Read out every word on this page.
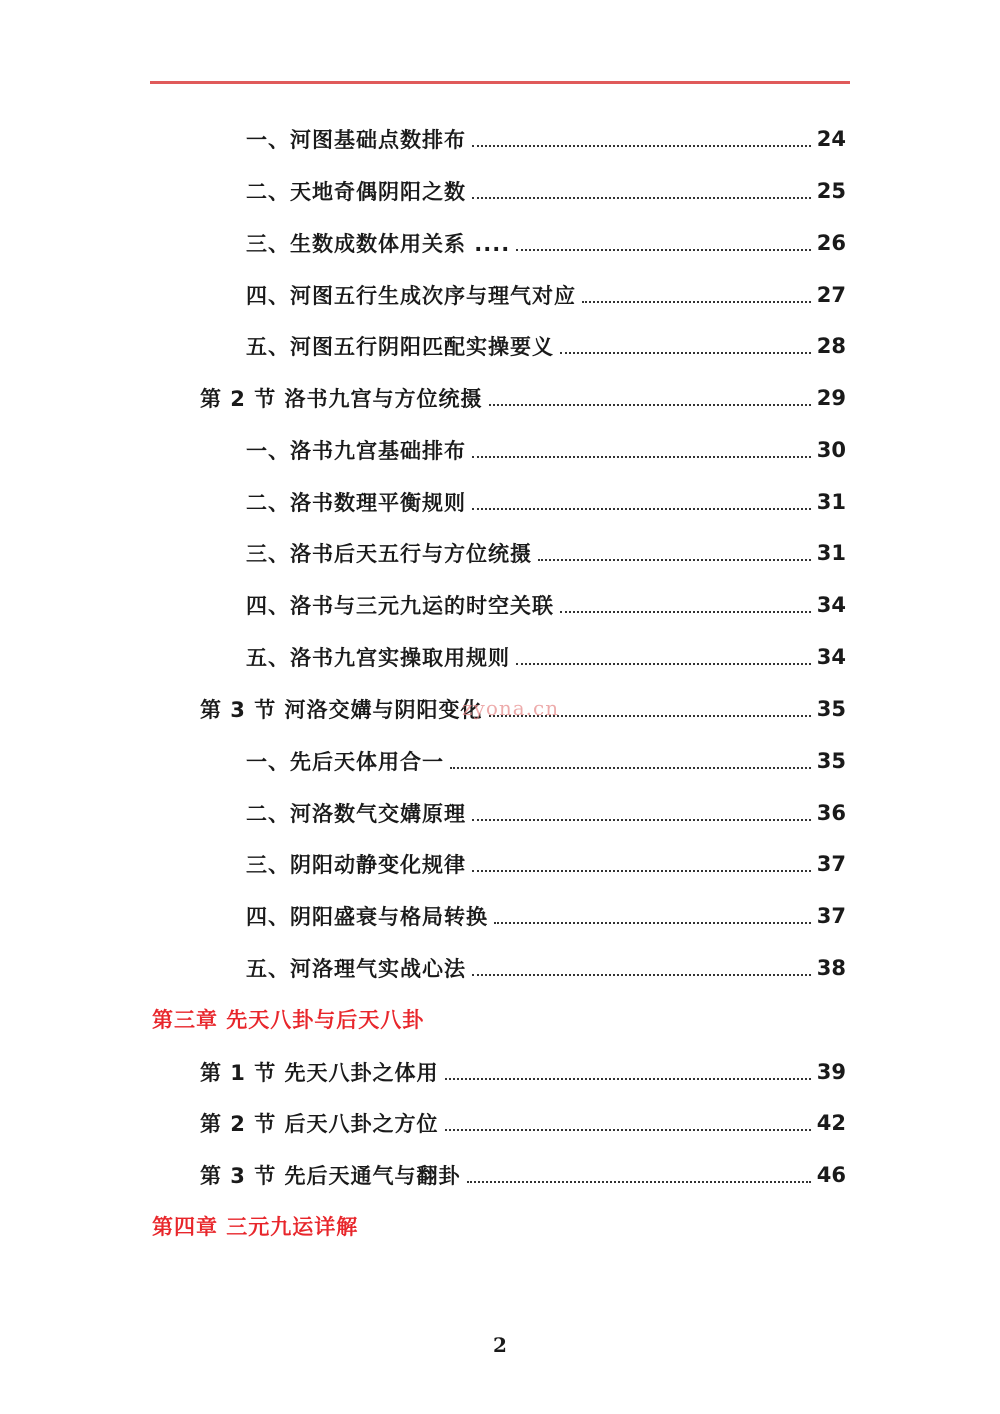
一、河图基础点数排布	24
二、天地奇偶阴阳之数	25
三、生数成数体用关系 ....	26
四、河图五行生成次序与理气对应	27
五、河图五行阴阳匹配实操要义	28
第 2 节 洛书九宫与方位统摄	29
一、洛书九宫基础排布	30
二、洛书数理平衡规则	31
三、洛书后天五行与方位统摄	31
四、洛书与三元九运的时空关联	34
五、洛书九宫实操取用规则	34
第 3 节 河洛交媾与阴阳变化	35
一、先后天体用合一	35
二、河洛数气交媾原理	36
三、阴阳动静变化规律	37
四、阴阳盛衰与格局转换	37
五、河洛理气实战心法	38
第三章 先天八卦与后天八卦
第 1 节 先天八卦之体用	39
第 2 节 后天八卦之方位	42
第 3 节 先后天通气与翻卦	46
第四章 三元九运详解
zyona.cn
2
